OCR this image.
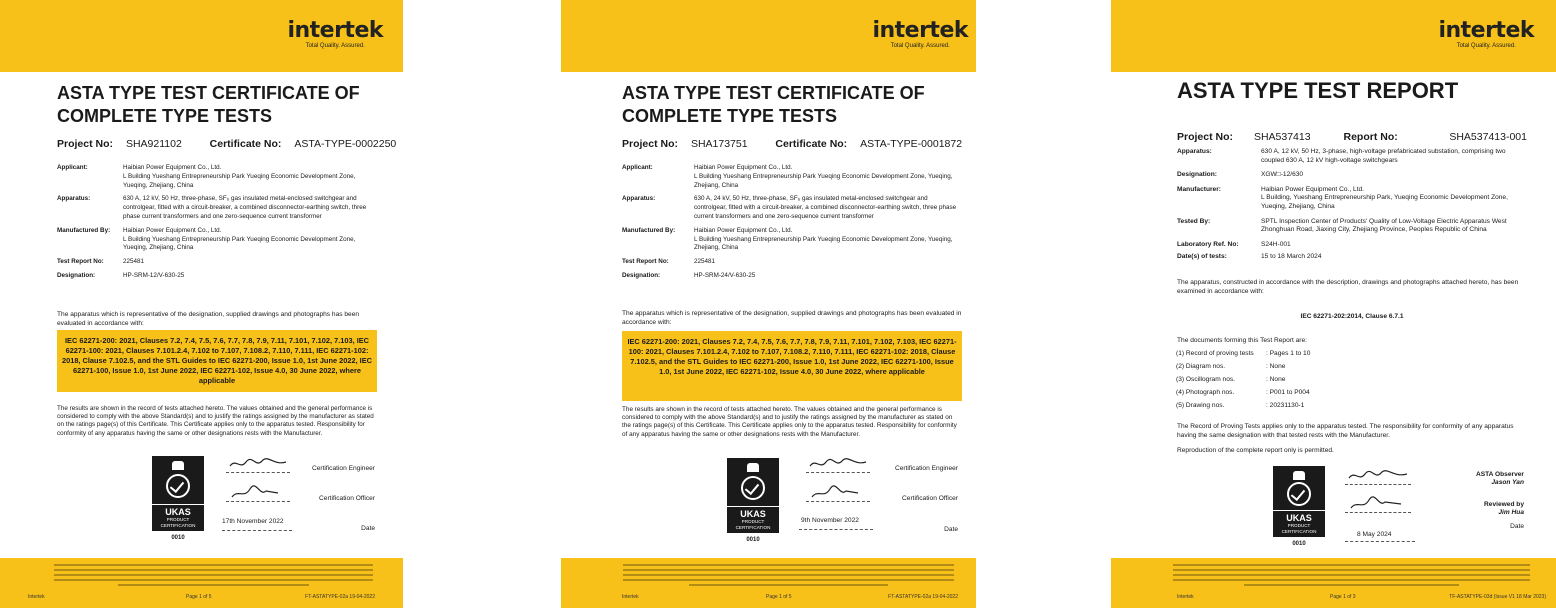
intertek
Total Quality. Assured.
ASTA TYPE TEST CERTIFICATE OF
COMPLETE TYPE TESTS
Project No: SHA921102	Certificate No: ASTA-TYPE-0002250
Applicant:	Haibian Power Equipment Co., Ltd.
L Building Yueshang Entrepreneurship Park Yueqing Economic Development Zone, Yueqing, Zhejiang, China
Apparatus:	630 A, 12 kV, 50 Hz, three-phase, SF₆ gas insulated metal-enclosed switchgear and controlgear, fitted with a circuit-breaker, a combined disconnector-earthing switch, three phase current transformers and one zero-sequence current transformer
Manufactured By:	Haibian Power Equipment Co., Ltd.
L Building Yueshang Entrepreneurship Park Yueqing Economic Development Zone, Yueqing, Zhejiang, China
Test Report No:	225481
Designation:	HP-SRM-12/V-630-25
The apparatus which is representative of the designation, supplied drawings and photographs has been evaluated in accordance with:
IEC 62271-200: 2021, Clauses 7.2, 7.4, 7.5, 7.6, 7.7, 7.8, 7.9, 7.11, 7.101, 7.102, 7.103, IEC 62271-100: 2021, Clauses 7.101.2.4, 7.102 to 7.107, 7.108.2, 7.110, 7.111, IEC 62271-102: 2018, Clause 7.102.5, and the STL Guides to IEC 62271-200, Issue 1.0, 1st June 2022, IEC 62271-100, Issue 1.0, 1st June 2022, IEC 62271-102, Issue 4.0, 30 June 2022, where applicable
The results are shown in the record of tests attached hereto. The values obtained and the general performance is considered to comply with the above Standard(s) and to justify the ratings assigned by the manufacturer as stated on the ratings page(s) of this Certificate. This Certificate applies only to the apparatus tested. Responsibility for conformity of any apparatus having the same or other designations rests with the Manufacturer.
UKAS
PRODUCT
CERTIFICATION
0010
Certification Engineer
Certification Officer
17th November 2022
Date
Intertek	Page 1 of 5	FT-ASTATYPE-02a 19-04-2022
intertek
Total Quality. Assured.
ASTA TYPE TEST CERTIFICATE OF
COMPLETE TYPE TESTS
Project No: SHA173751	Certificate No: ASTA-TYPE-0001872
Applicant:	Haibian Power Equipment Co., Ltd.
L Building Yueshang Entrepreneurship Park Yueqing Economic Development Zone, Yueqing, Zhejiang, China
Apparatus:	630 A, 24 kV, 50 Hz, three-phase, SF₆ gas insulated metal-enclosed switchgear and controlgear, fitted with a circuit-breaker, a combined disconnector-earthing switch, three phase current transformers and one zero-sequence current transformer
Manufactured By:	Haibian Power Equipment Co., Ltd.
L Building Yueshang Entrepreneurship Park Yueqing Economic Development Zone, Yueqing, Zhejiang, China
Test Report No:	225481
Designation:	HP-SRM-24/V-630-25
The apparatus which is representative of the designation, supplied drawings and photographs has been evaluated in accordance with:
IEC 62271-200: 2021, Clauses 7.2, 7.4, 7.5, 7.6, 7.7, 7.8, 7.9, 7.11, 7.101, 7.102, 7.103, IEC 62271-100: 2021, Clauses 7.101.2.4, 7.102 to 7.107, 7.108.2, 7.110, 7.111, IEC 62271-102: 2018, Clause 7.102.5, and the STL Guides to IEC 62271-200, Issue 1.0, 1st June 2022, IEC 62271-100, Issue 1.0, 1st June 2022, IEC 62271-102, Issue 4.0, 30 June 2022, where applicable
The results are shown in the record of tests attached hereto. The values obtained and the general performance is considered to comply with the above Standard(s) and to justify the ratings assigned by the manufacturer as stated on the ratings page(s) of this Certificate. This Certificate applies only to the apparatus tested. Responsibility for conformity of any apparatus having the same or other designations rests with the Manufacturer.
UKAS
PRODUCT
CERTIFICATION
0010
Certification Engineer
Certification Officer
9th November 2022
Date
Intertek	Page 1 of 5	FT-ASTATYPE-02a 19-04-2022
intertek
Total Quality. Assured.
ASTA TYPE TEST REPORT
Project No: SHA537413	Report No:	SHA537413-001
Apparatus:	630 A, 12 kV, 50 Hz, 3-phase, high-voltage prefabricated substation, comprising two coupled 630 A, 12 kV high-voltage switchgears
Designation:	XGW□-12/630
Manufacturer:	Haibian Power Equipment Co., Ltd.
L Building, Yueshang Entrepreneurship Park, Yueqing Economic Development Zone, Yueqing, Zhejiang, China
Tested By:	SPTL Inspection Center of Products' Quality of Low-Voltage Electric Apparatus West Zhonghuan Road, Jiaxing City, Zhejiang Province, Peoples Republic of China
Laboratory Ref. No:	S24H-001
Date(s) of tests:	15 to 18 March 2024
The apparatus, constructed in accordance with the description, drawings and photographs attached hereto, has been examined in accordance with:
IEC 62271-202:2014, Clause 6.7.1
The documents forming this Test Report are:
(1) Record of proving tests	: Pages 1 to 10
(2) Diagram nos.	: None
(3) Oscillogram nos.	: None
(4) Photograph nos.	: P001 to P004
(5) Drawing nos.	: 20231130-1
The Record of Proving Tests applies only to the apparatus tested. The responsibility for conformity of any apparatus having the same designation with that tested rests with the Manufacturer.
Reproduction of the complete report only is permitted.
UKAS
PRODUCT
CERTIFICATION
0010
ASTA Observer
Jason Yan
Reviewed by
Jim Hua
Date
8 May 2024
Intertek	Page 1 of 3	TF-ASTATYPE-03d (Issue V1 18 Mar 2023)
